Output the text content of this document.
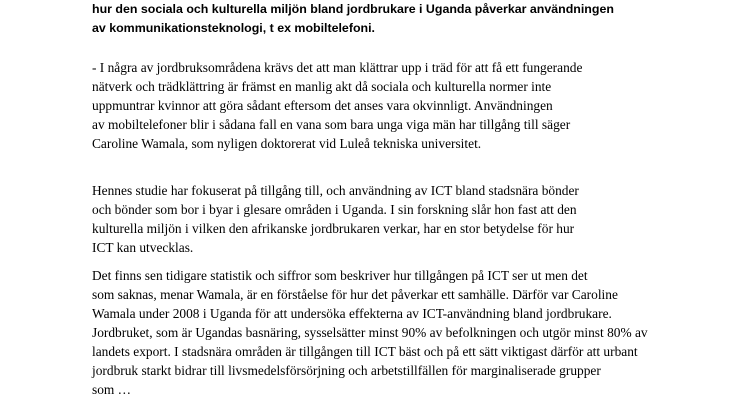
hur den sociala och kulturella miljön bland jordbrukare i Uganda påverkar användningen
av kommunikationsteknologi, t ex mobiltelefoni.
- I några av jordbruksområdena krävs det att man klättrar upp i träd för att få ett fungerande
nätverk och trädklättring är främst en manlig akt då sociala och kulturella normer inte
uppmuntrar kvinnor att göra sådant eftersom det anses vara okvinnligt. Användningen
av mobiltelefoner blir i sådana fall en vana som bara unga viga män har tillgång till säger
Caroline Wamala, som nyligen doktorerat vid Luleå tekniska universitet.
Hennes studie har fokuserat på tillgång till, och användning av ICT bland stadsnära bönder
och bönder som bor i byar i glesare områden i Uganda. I sin forskning slår hon fast att den
kulturella miljön i vilken den afrikanske jordbrukaren verkar, har en stor betydelse för hur
ICT kan utvecklas.
Det finns sen tidigare statistik och siffror som beskriver hur tillgången på ICT ser ut men det
som saknas, menar Wamala, är en förståelse för hur det påverkar ett samhälle. Därför var Caroline
Wamala under 2008 i Uganda för att undersöka effekterna av ICT-användning bland jordbrukare.
Jordbruket, som är Ugandas basnäring, sysselsätter minst 90% av befolkningen och utgör minst 80% av
landets export. I stadsnära områden är tillgången till ICT bäst och på ett sätt viktigast därför att urbant
jordbruk starkt bidrar till livsmedelsförsörjning och arbetstillfällen för marginaliserade grupper
som …
